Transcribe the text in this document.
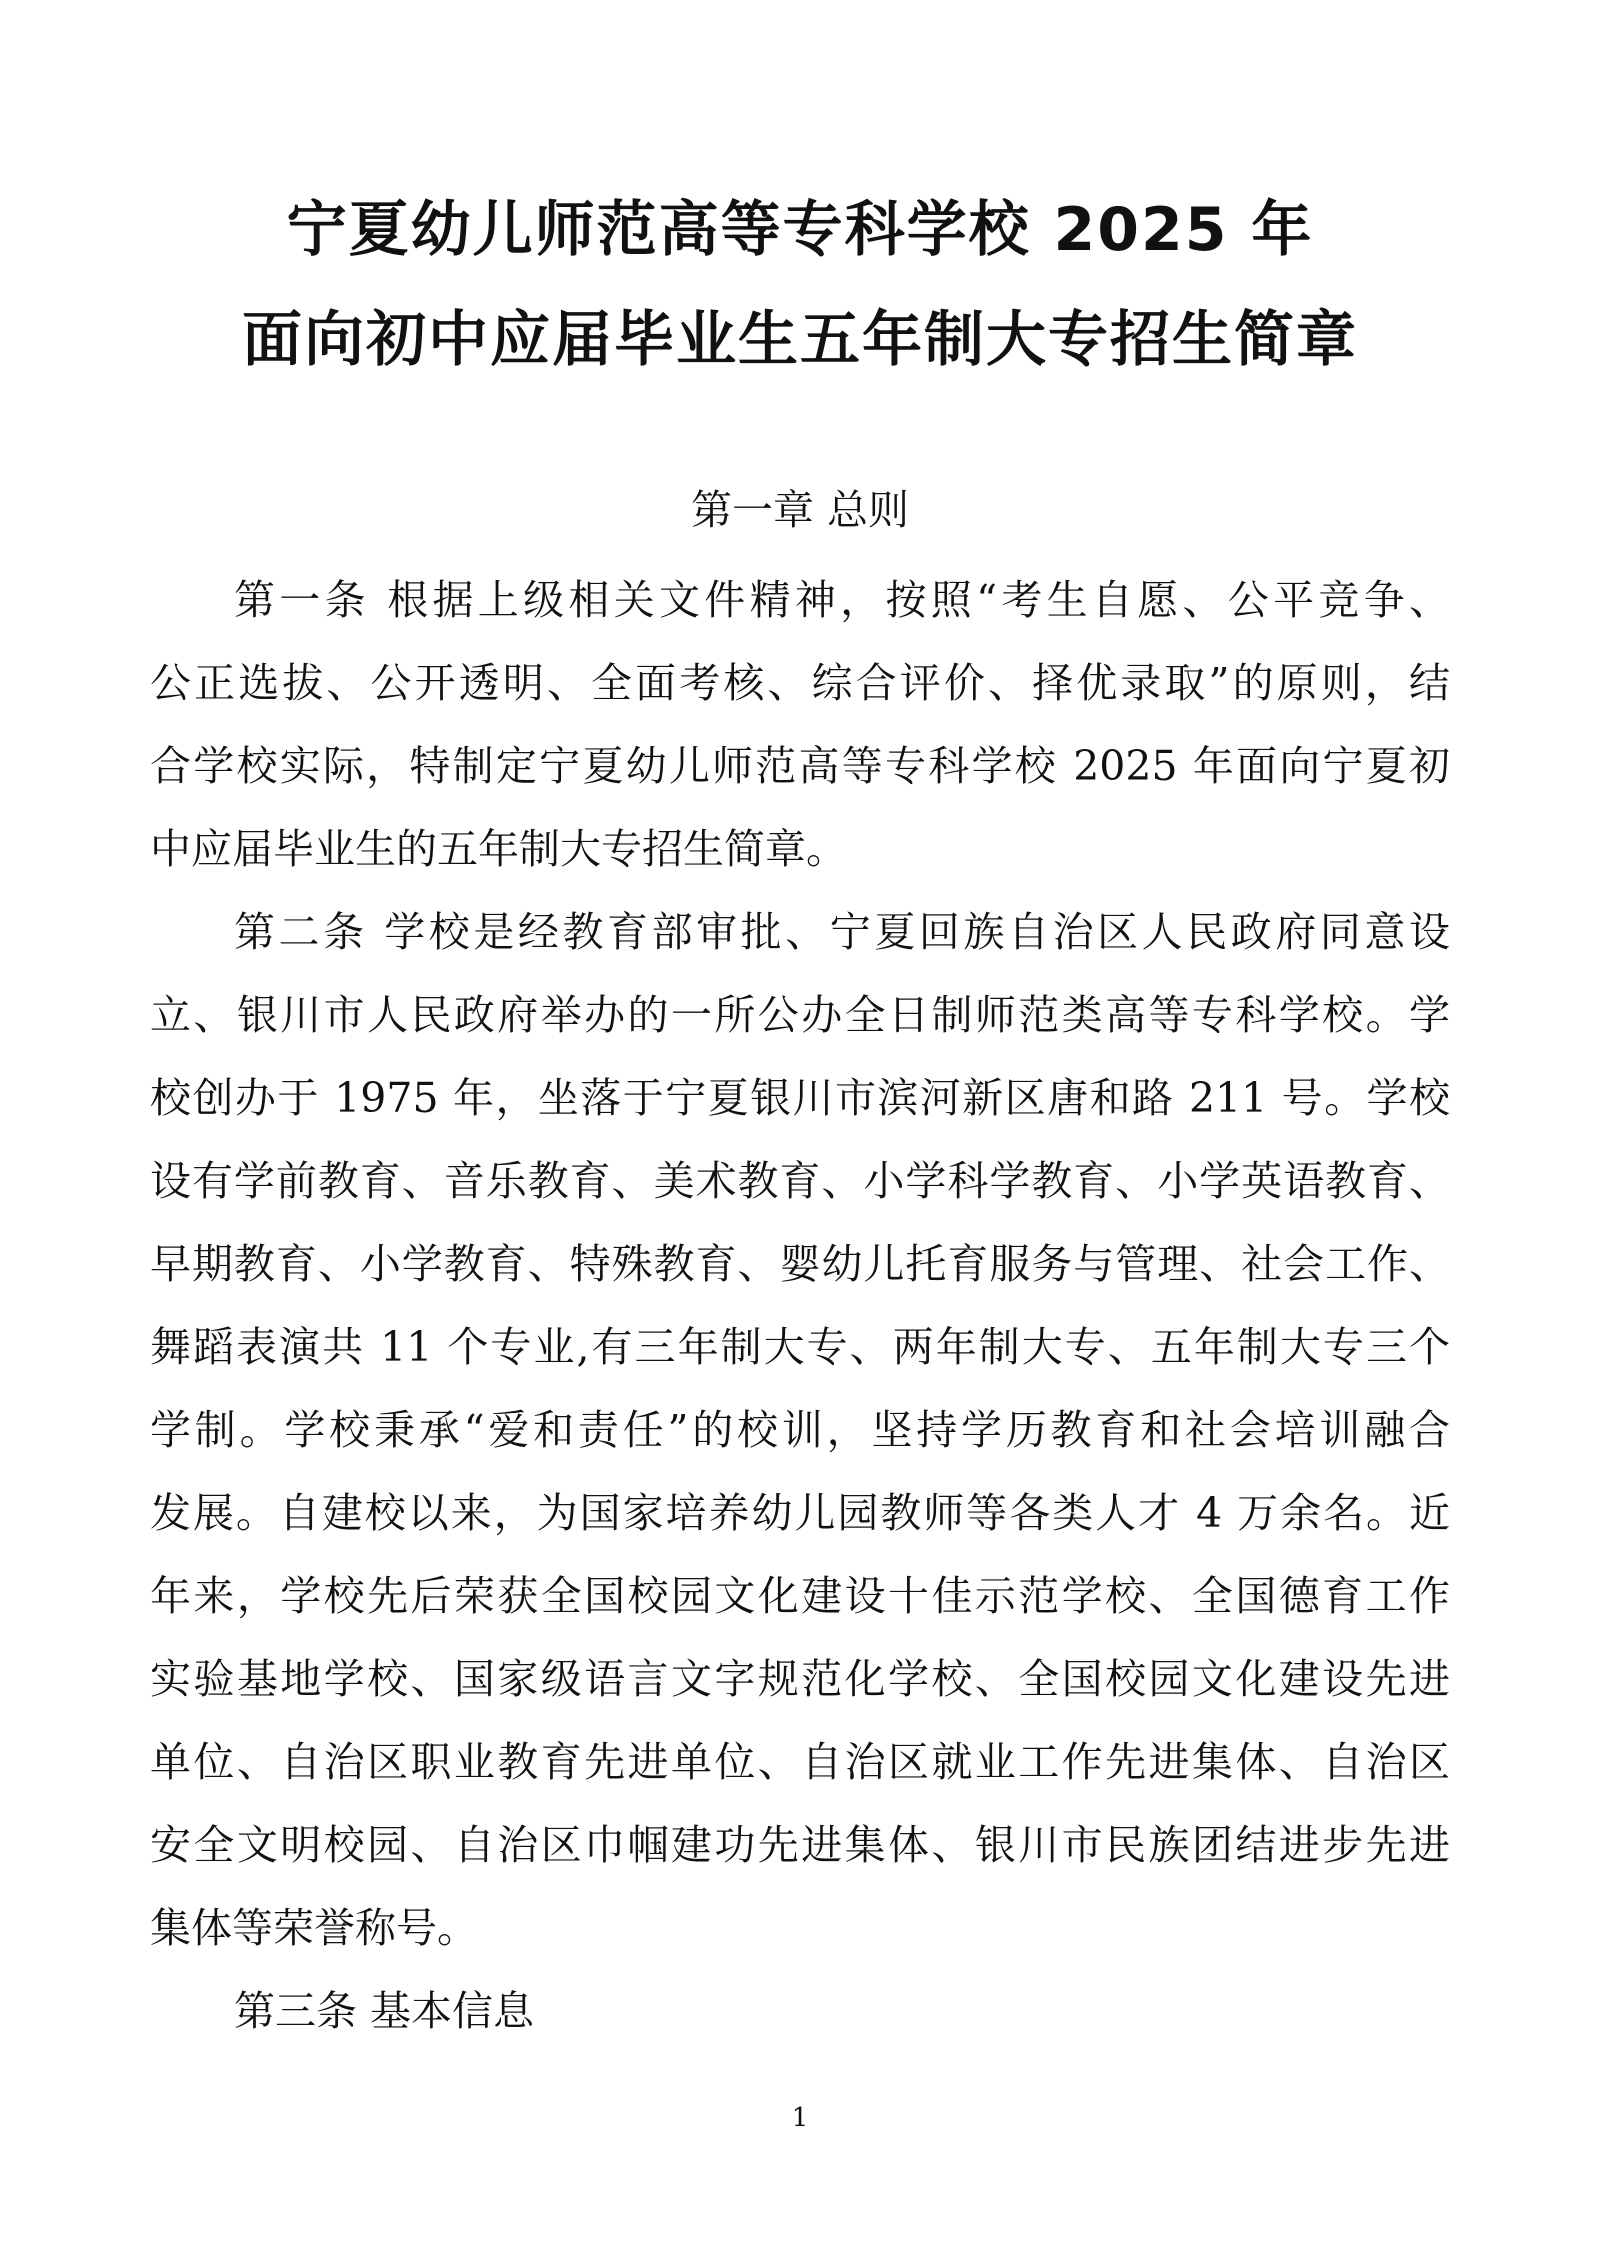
宁夏幼儿师范高等专科学校 2025 年
面向初中应届毕业生五年制大专招生简章
第一章 总则
第一条 根据上级相关文件精神，按照“考生自愿、公平竞争、
公正选拔、公开透明、全面考核、综合评价、择优录取”的原则，结
合学校实际，特制定宁夏幼儿师范高等专科学校 2025 年面向宁夏初
中应届毕业生的五年制大专招生简章。
第二条 学校是经教育部审批、宁夏回族自治区人民政府同意设
立、银川市人民政府举办的一所公办全日制师范类高等专科学校。学
校创办于 1975 年，坐落于宁夏银川市滨河新区唐和路 211 号。学校
设有学前教育、音乐教育、美术教育、小学科学教育、小学英语教育、
早期教育、小学教育、特殊教育、婴幼儿托育服务与管理、社会工作、
舞蹈表演共 11 个专业,有三年制大专、两年制大专、五年制大专三个
学制。学校秉承“爱和责任”的校训，坚持学历教育和社会培训融合
发展。自建校以来，为国家培养幼儿园教师等各类人才 4 万余名。近
年来，学校先后荣获全国校园文化建设十佳示范学校、全国德育工作
实验基地学校、国家级语言文字规范化学校、全国校园文化建设先进
单位、自治区职业教育先进单位、自治区就业工作先进集体、自治区
安全文明校园、自治区巾帼建功先进集体、银川市民族团结进步先进
集体等荣誉称号。
第三条 基本信息
1
